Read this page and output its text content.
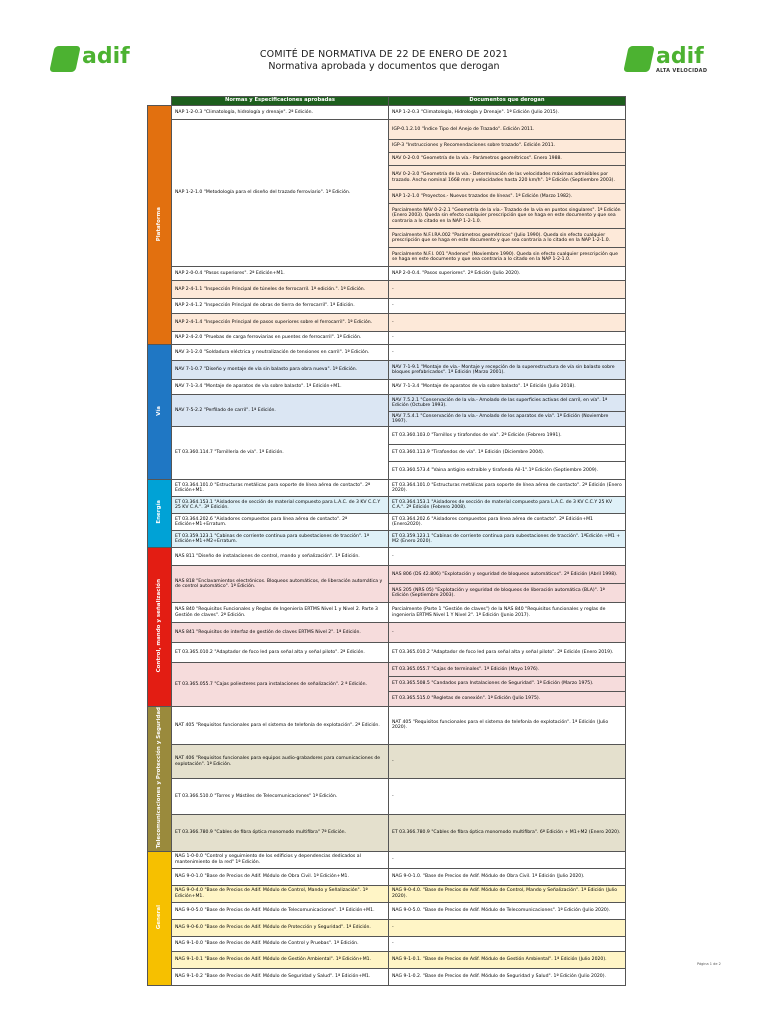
adif	adif
ALTA VELOCIDAD
COMITÉ DE NORMATIVA DE 22 DE ENERO DE 2021
Normativa aprobada y documentos que derogan
	Normas y Especificaciones aprobadas	Documentos que derogan
Plataforma	NAP 1-2-0.3 "Climatología, hidrología y drenaje". 2ª Edición.	NAP 1-2-0.3 "Climatología, Hidrología y Drenaje". 1ª Edición (Julio 2015).
	NAP 1-2-1.0 "Metodología para el diseño del trazado ferroviario". 1ª Edición.	IGP-0.1.2.10 "Índice Tipo del Anejo de Trazado". Edición 2011.
		IGP-3 "Instrucciones y Recomendaciones sobre trazado". Edición 2011.
		NAV 0-2-0.0 "Geometría de la vía.- Parámetros geométricos". Enero 1988.
		NAV 0-2-3.0 "Geometría de la vía.- Determinación de las velocidades máximas admisibles por trazado. Ancho nominal 1668 mm y velocidades hasta 220 km/h". 1ª Edición (Septiembre 2003).
		NAP 1-2-1.0 "Proyectos.- Nuevos trazados de líneas". 1ª Edición (Marzo 1982).
		Parcialmente NAV 0-2-2.1 "Geometría de la vía.- Trazado de la vía en puntos singulares". 1ª Edición (Enero 2003). Queda sin efecto cualquier prescripción que se haga en este documento y que sea contraria a lo citado en la NAP 1-2-1.0.
		Parcialmente N.F.I.RA.002 "Parámetros geométricos" (Julio 1990). Queda sin efecto cualquier prescripción que se haga en este documento y que sea contraria a lo citado en la NAP 1-2-1.0.
		Parcialmente N.F.I. 001 "Andenes" (Noviembre 1990). Queda sin efecto cualquier prescripción que se haga en este documento y que sea contraria a lo citado en la NAP 1-2-1.0.
	NAP 2-0-0.4 "Pasos superiores". 2ª Edición+M1.	NAP 2-0-0.4. "Pasos superiores". 2ª Edición (Julio 2020).
	NAP 2-4-1.1 "Inspección Principal de túneles de ferrocarril. 1ª edición.". 1ª Edición.	-
	NAP 2-4-1.2 "Inspección Principal de obras de tierra de ferrocarril". 1ª Edición.	-
	NAP 2-4-1.4 "Inspección Principal de pasos superiores sobre el ferrocarril". 1ª Edición.	-
	NAP 2-4-2.0 "Pruebas de carga ferroviarias en puentes de ferrocarril". 1ª Edición.	-
Vía	NAV 3-1-2.0 "Soldadura eléctrica y neutralización de tensiones en carril". 1ª Edición.	-
	NAV 7-1-0.7 "Diseño y montaje de vía sin balasto para obra nueva". 1ª Edición.	NAV 7-1-9.1 "Montaje de vía.- Montaje y recepción de la superestructura de vía sin balasto sobre bloques prefabricados". 1ª Edición (Marzo 2001).
	NAV 7-1-3.4 "Montaje de aparatos de vía sobre balasto". 1ª Edición+M1.	NAV 7-1-3.4 "Montaje de aparatos de vía sobre balasto". 1ª Edición (Julio 2018).
	NAV 7-5-2.2 "Perfilado de carril". 1ª Edición.	NAV 7.5.2.1 "Conservación de la vía.- Amolado de las superficies activas del carril, en vía". 1ª Edición (Octubre 1993).
		NAV 7.5.4.1 "Conservación de la vía.- Amolado de los aparatos de vía". 1ª Edición (Noviembre 1997).
	ET 03.360.114.7 "Tornillería de vía". 1ª Edición.	ET 03.360.103.0 "Tornillos y tirafondos de vía". 2ª Edición (Febrero 1991).
		ET 03.360.113.9 "Tirafondos de vía". 1ª Edición (Diciembre 2004).
		ET 03.360.573.4 "Vaina antigiro extraíble y tirafondo Ail-1".1ª Edición (Septiembre 2009).
Energía	ET 03.364.101.0 "Estructuras metálicas para soporte de línea aérea de contacto". 2ª Edición+M1.	ET 03.364.101.0 "Estructuras metálicas para soporte de línea aérea de contacto". 2ª Edición (Enero 2020).
	ET 03.364.153.1 "Aisladores de sección de material compuesto para L.A.C. de 3 KV C.C.Y 25 KV C.A.". 3ª Edición.	ET 03.364.153.1 "Aisladores de sección de material compuesto para L.A.C. de 3 KV C.C.Y 25 KV C.A.". 2ª Edición (Febrero 2008).
	ET 03.364.202.6 "Aisladores compuestos para línea aérea de contacto". 2ª Edición+M1+Erratum.	ET 03.364.202.6 "Aisladores compuestos para línea aérea de contacto". 2ª Edición+M1 (Enero2020).
	ET 03.359.123.1 "Cabinas de corriente continua para subestaciones de tracción". 1ª Edición+M1+M2+Erratum.	ET 03.359.123.1 "Cabinas de corriente continua para subestaciones de tracción". 1ªEdición +M1 + M2 (Enero 2020).
Control, mando y señalización	NAS 811 "Diseño de instalaciones de control, mando y señalización". 1ª Edición.	-
	NAS 818 "Enclavamientos electrónicos. Bloqueos automáticos, de liberación automática y de control automático". 1ª Edición.	NAS 806 (DS 42.806) "Explotación y seguridad de bloqueos automáticos". 2ª Edición (Abril 1998).
		NAS 205 (NRS 05) "Explotación y seguridad de bloqueos de liberación automática (BLA)". 1ª Edición (Septiembre 2003).
	NAS 840 "Requisitos Funcionales y Reglas de Ingeniería ERTMS Nivel 1 y Nivel 2. Parte 3 Gestión de claves". 2ª Edición.	Parcialmente (Parte 1 "Gestión de claves") de la NAS 840 "Requisitos funcionales y reglas de ingeniería ERTMS Nivel 1 Y Nivel 2". 1ª Edición (Junio 2017).
	NAS 841 "Requisitos de interfaz de gestión de claves ERTMS Nivel 2". 1ª Edición.	-
	ET 03.365.010.2 "Adaptador de foco led para señal alta y señal piloto". 2ª Edición.	ET 03.365.010.2 "Adaptador de foco led para señal alta y señal piloto". 2ª Edición (Enero 2019).
	ET 03.365.055.7 "Cajas poliesteres para instalaciones de señalización". 2 ª Edición.	ET 03.365.055.7 "Cajas de terminales". 1ª Edición (Mayo 1976).
		ET 03.365.508.5 "Candados para Instalaciones de Seguridad". 1ª Edición (Marzo 1975).
		ET 03.365.515.0 "Regletas de conexión". 1ª Edición (Julio 1975).
Telecomunicaciones y Protección y Seguridad	NAT 405 "Requisitos funcionales para el sistema de telefonía de explotación". 2ª Edición.	NAT 405 "Requisitos funcionales para el sistema de telefonía de explotación". 1ª Edición (Julio 2020).
	NAT 406 "Requisitos funcionales para equipos audio-grabadores para comunicaciones de explotación". 1ª Edición.	-
	ET 03.366.510.0 "Torres y Mástiles de Telecomunicaciones" 1ª Edición.	-
	ET 03.366.780.9 "Cables de fibra óptica monomodo multifibra" 7ª Edición.	ET 03.366.780.9 "Cables de fibra óptica monomodo multifibra". 6ª Edición + M1+M2 (Enero 2020).
General	NAG 1-0-0.0 "Control y seguimiento de los edificios y dependencias dedicados al mantenimiento de la red" 1ª Edición.	-
	NAG 9-0-1.0 "Base de Precios de Adif. Módulo de Obra Civil. 1ª Edición+M1.	NAG 9-0-1.0. "Base de Precios de Adif. Módulo de Obra Civil. 1ª Edición (Julio 2020).
	NAG 9-0-4.0 "Base de Precios de Adif. Módulo de Control, Mando y Señalización". 1ª Edición+M1.	NAG 9-0-4.0. "Base de Precios de Adif. Módulo de Control, Mando y Señalización". 1ª Edición (Julio 2020).
	NAG 9-0-5.0 "Base de Precios de Adif. Módulo de Telecomunicaciones". 1ª Edición+M1.	NAG 9-0-5.0. "Base de Precios de Adif. Módulo de Telecomunicaciones". 1ª Edición (Julio 2020).
	NAG 9-0-6.0 "Base de Precios de Adif. Módulo de Protección y Seguridad". 1ª Edición.	-
	NAG 9-1-0.0 "Base de Precios de Adif. Módulo de Control y Pruebas". 1ª Edición.	-
	NAG 9-1-0.1 "Base de Precios de Adif. Módulo de Gestión Ambiental". 1ª Edición+M1.	NAG 9-1-0.1. "Base de Precios de Adif. Módulo de Gestión Ambiental". 1ª Edición (Julio 2020).
	NAG 9-1-0.2 "Base de Precios de Adif. Módulo de Seguridad y Salud". 1ª Edición+M1.	NAG 9-1-0.2. "Base de Precios de Adif. Módulo de Seguridad y Salud". 1ª Edición (Julio 2020).
Página 1 de 2
